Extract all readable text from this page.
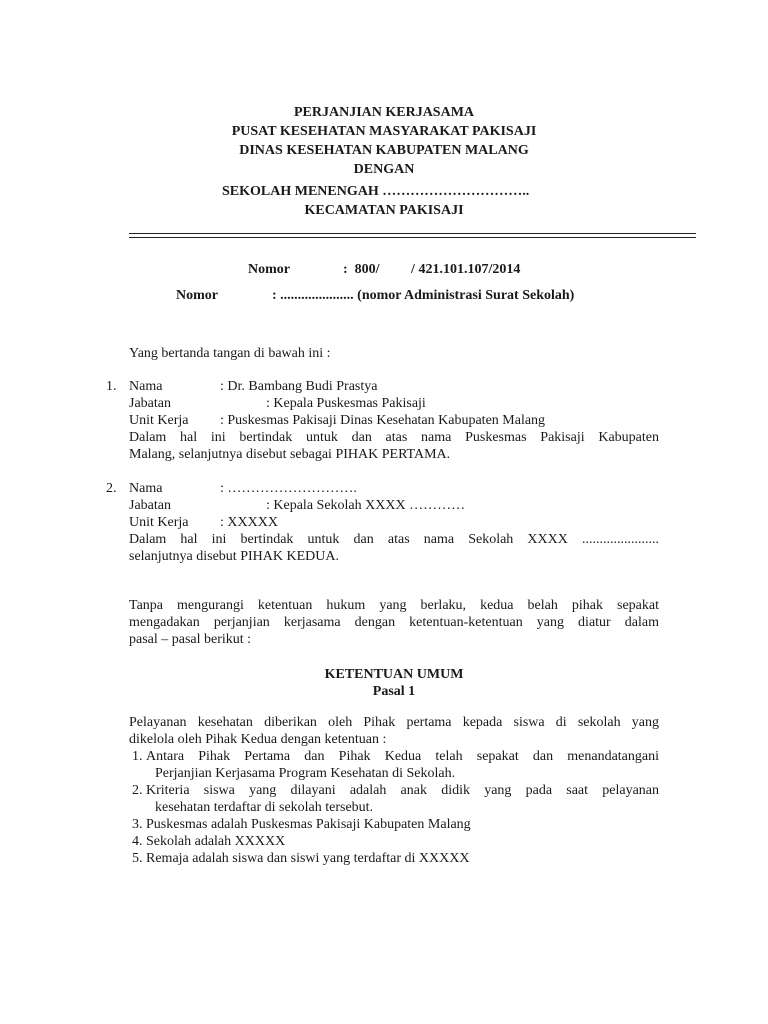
PERJANJIAN KERJASAMA
PUSAT KESEHATAN MASYARAKAT PAKISAJI
DINAS KESEHATAN KABUPATEN MALANG
DENGAN
SEKOLAH MENENGAH …………………………..
KECAMATAN PAKISAJI
Nomor	:  800/         / 421.101.107/2014
Nomor	: ..................... (nomor Administrasi Surat Sekolah)
Yang bertanda tangan di bawah ini :
1. Nama	: Dr. Bambang Budi Prastya
Jabatan	: Kepala Puskesmas Pakisaji
Unit Kerja : Puskesmas Pakisaji Dinas Kesehatan Kabupaten Malang
Dalam hal ini bertindak untuk dan atas nama Puskesmas Pakisaji Kabupaten
Malang, selanjutnya disebut sebagai PIHAK PERTAMA.
2. Nama	: ……………………….
Jabatan	: Kepala Sekolah XXXX …………
Unit Kerja : XXXXX
Dalam hal ini bertindak untuk dan atas nama Sekolah XXXX ......................
selanjutnya disebut PIHAK KEDUA.
Tanpa mengurangi ketentuan hukum yang berlaku, kedua belah pihak sepakat
mengadakan perjanjian kerjasama dengan ketentuan-ketentuan yang diatur dalam
pasal – pasal berikut :
KETENTUAN UMUM
Pasal 1
Pelayanan kesehatan diberikan oleh Pihak pertama kepada siswa di sekolah yang
dikelola oleh Pihak Kedua dengan ketentuan :
1. Antara Pihak Pertama dan Pihak Kedua telah sepakat dan menandatangani
Perjanjian Kerjasama Program Kesehatan di Sekolah.
2. Kriteria siswa yang dilayani adalah anak didik yang pada saat pelayanan
kesehatan terdaftar di sekolah tersebut.
3. Puskesmas adalah Puskesmas Pakisaji Kabupaten Malang
4. Sekolah adalah XXXXX
5. Remaja adalah siswa dan siswi yang terdaftar di XXXXX
